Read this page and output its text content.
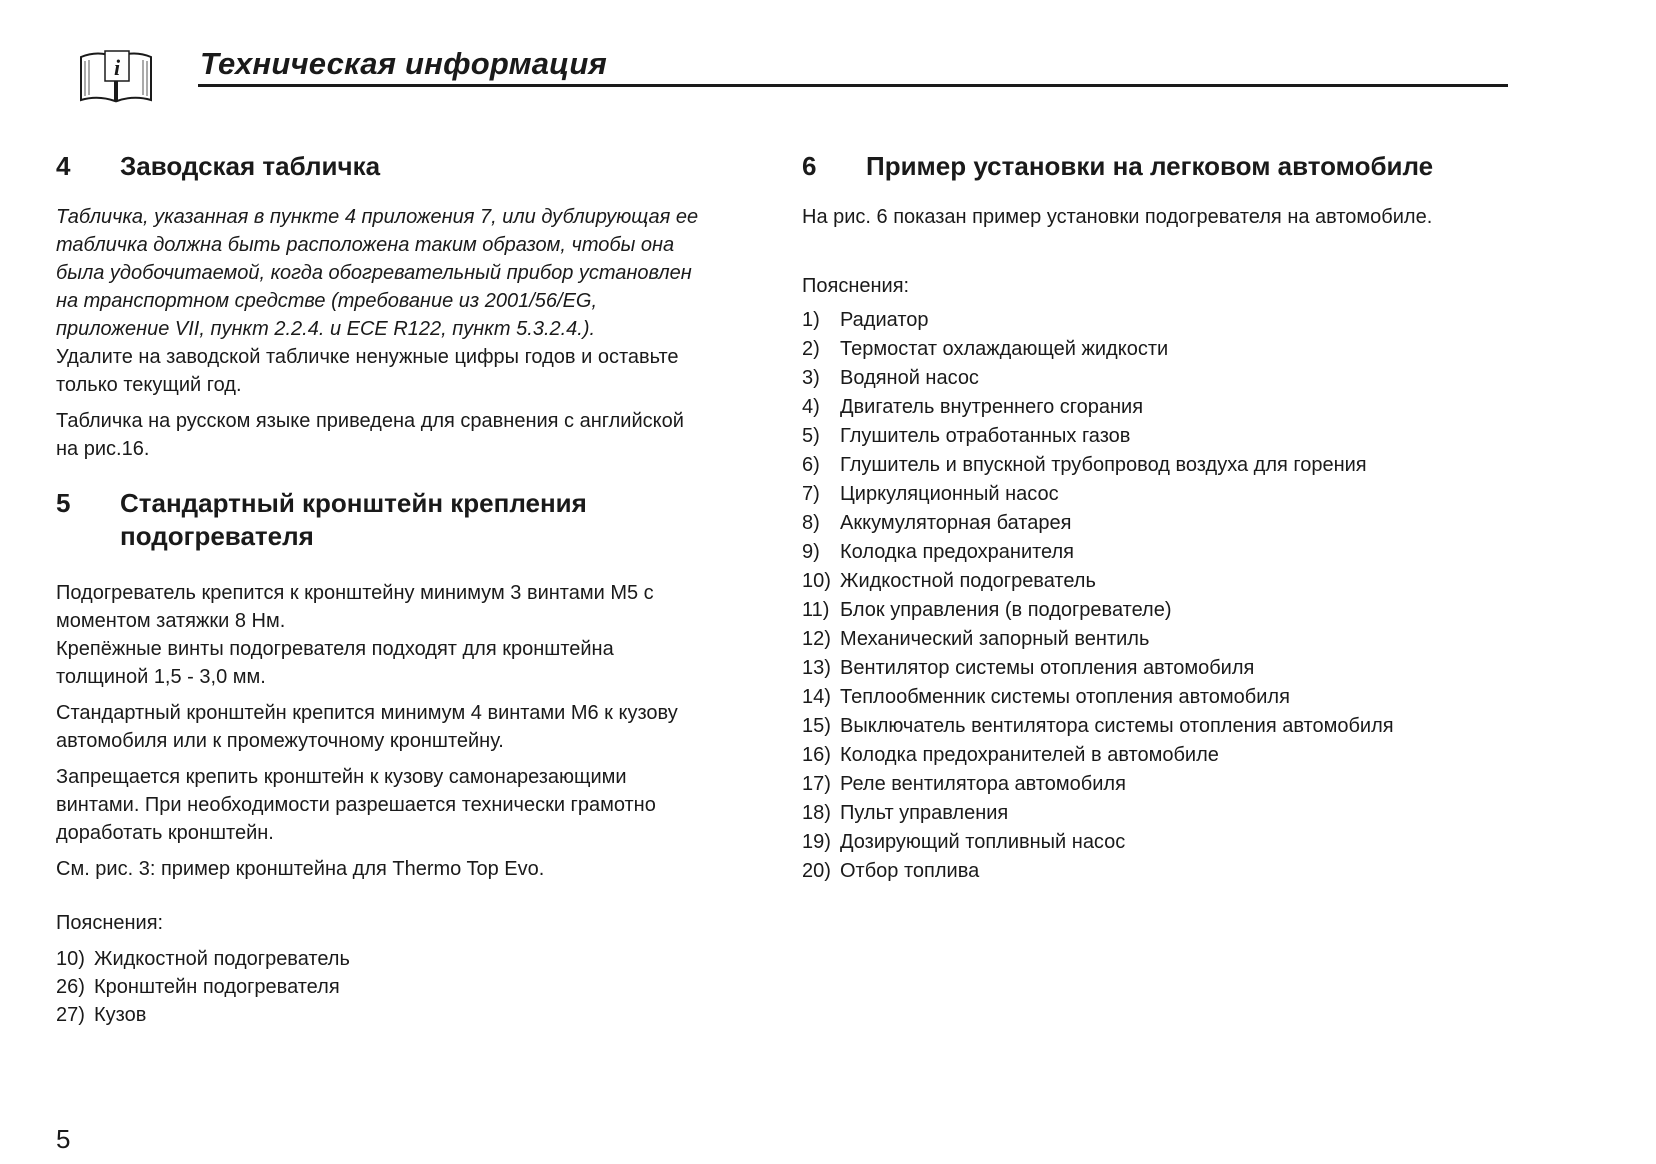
i	Техническая информация
4	Заводская табличка

Табличка, указанная в пункте 4 приложения 7, или дублирующая ее
табличка должна быть расположена таким образом, чтобы она
была удобочитаемой, когда обогревательный прибор установлен
на транспортном средстве (требование из 2001/56/EG,
приложение VII, пункт 2.2.4. и ECE R122, пункт 5.3.2.4.).

Удалите на заводской табличке ненужные цифры годов и оставьте
только текущий год.

Табличка на русском языке приведена для сравнения с английской
на рис.16.

5	Стандартный кронштейн крепления
подогревателя

Подогреватель крепится к кронштейну минимум 3 винтами М5 с
моментом затяжки 8 Нм.
Крепёжные винты подогревателя подходят для кронштейна
толщиной 1,5 - 3,0 мм.

Стандартный кронштейн крепится минимум 4 винтами М6 к кузову
автомобиля или к промежуточному кронштейну.

Запрещается крепить кронштейн к кузову самонарезающими
винтами. При необходимости разрешается технически грамотно
доработать кронштейн.

См. рис. 3: пример кронштейна для Thermo Top Evo.

Пояснения:

10) Жидкостной подогреватель
26) Кронштейн подогревателя
27) Кузов
6	Пример установки на легковом автомобиле

На рис. 6 показан пример установки подогревателя на автомобиле.

Пояснения:

1)	Радиатор
2)	Термостат охлаждающей жидкости
3)	Водяной насос
4)	Двигатель внутреннего сгорания
5)	Глушитель отработанных газов
6)	Глушитель и впускной трубопровод воздуха для горения
7)	Циркуляционный насос
8)	Аккумуляторная батарея
9)	Колодка предохранителя
10) Жидкостной подогреватель
11) Блок управления (в подогревателе)
12) Механический запорный вентиль
13) Вентилятор системы отопления автомобиля
14) Теплообменник системы отопления автомобиля
15) Выключатель вентилятора системы отопления автомобиля
16) Колодка предохранителей в автомобиле
17) Реле вентилятора автомобиля
18) Пульт управления
19) Дозирующий топливный насос
20) Отбор топлива
5
